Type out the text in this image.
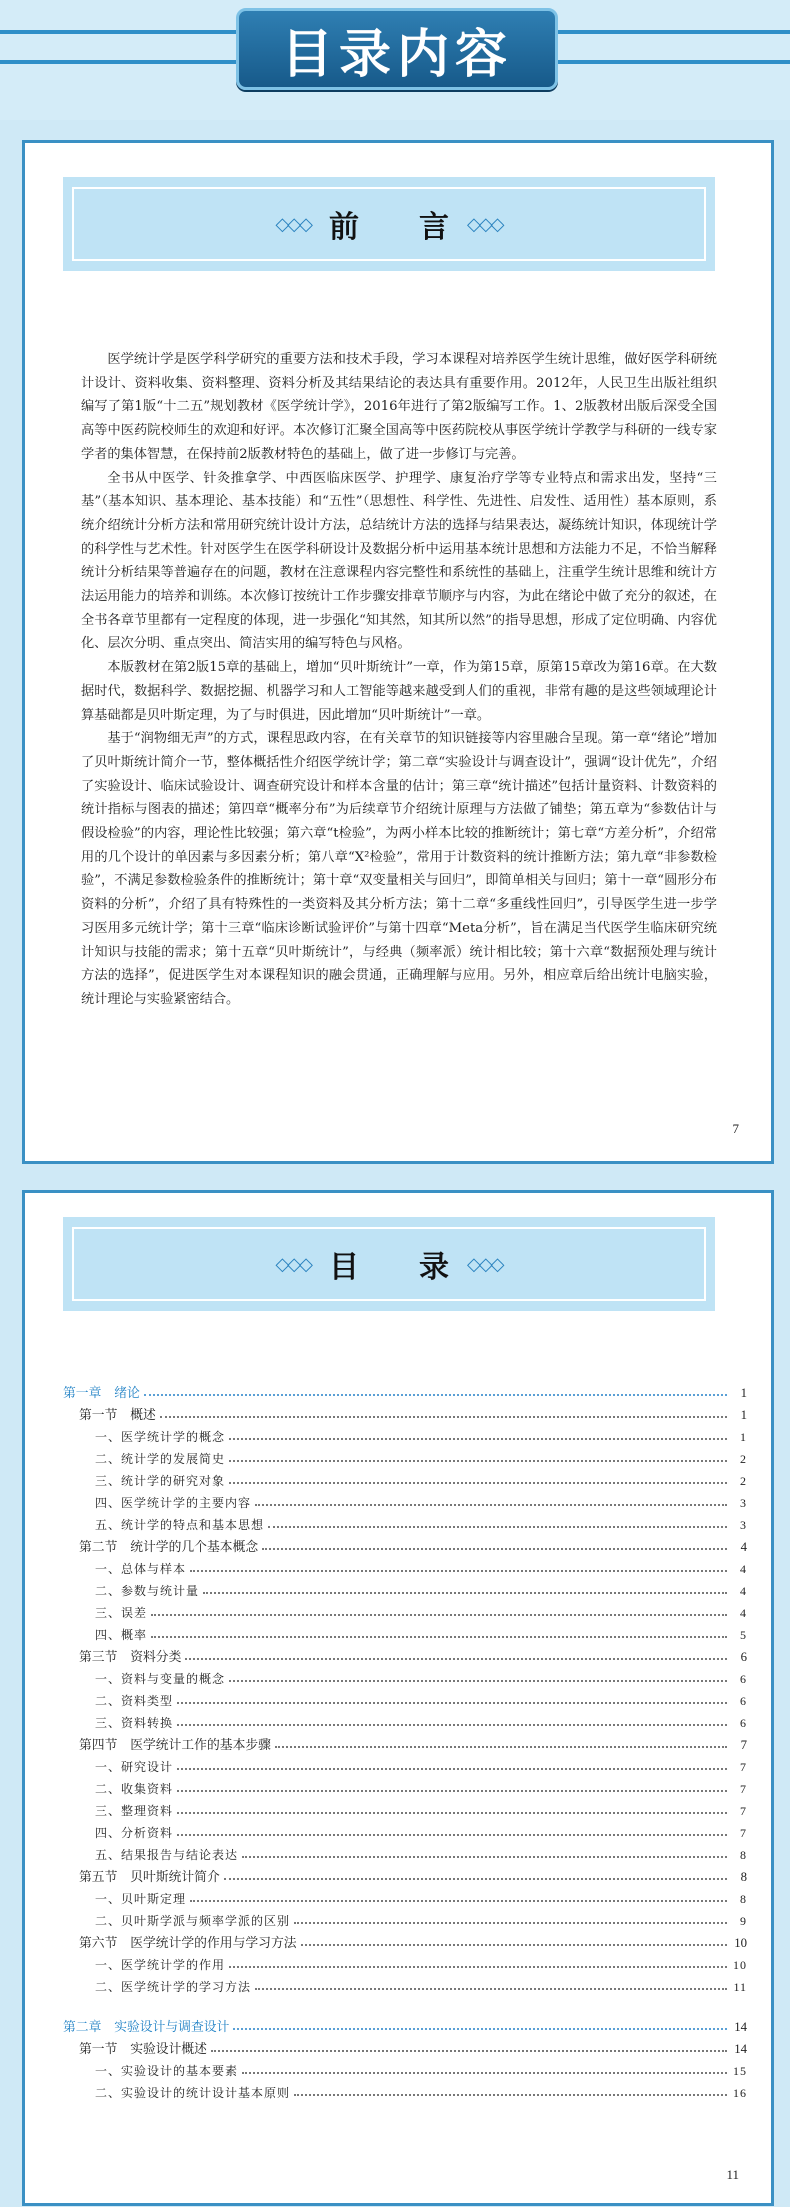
目录内容
◇◇◇ 前　　言 ◇◇◇

医学统计学是医学科学研究的重要方法和技术手段，学习本课程对培养医学生统计思维，做好医学科研统计设计、资料收集、资料整理、资料分析及其结果结论的表达具有重要作用。2012年，人民卫生出版社组织编写了第1版“十二五”规划教材《医学统计学》，2016年进行了第2版编写工作。1、2版教材出版后深受全国高等中医药院校师生的欢迎和好评。本次修订汇聚全国高等中医药院校从事医学统计学教学与科研的一线专家学者的集体智慧，在保持前2版教材特色的基础上，做了进一步修订与完善。

全书从中医学、针灸推拿学、中西医临床医学、护理学、康复治疗学等专业特点和需求出发，坚持“三基”（基本知识、基本理论、基本技能）和“五性”（思想性、科学性、先进性、启发性、适用性）基本原则，系统介绍统计分析方法和常用研究统计设计方法，总结统计方法的选择与结果表达，凝练统计知识，体现统计学的科学性与艺术性。针对医学生在医学科研设计及数据分析中运用基本统计思想和方法能力不足，不恰当解释统计分析结果等普遍存在的问题，教材在注意课程内容完整性和系统性的基础上，注重学生统计思维和统计方法运用能力的培养和训练。本次修订按统计工作步骤安排章节顺序与内容，为此在绪论中做了充分的叙述，在全书各章节里都有一定程度的体现，进一步强化“知其然，知其所以然”的指导思想，形成了定位明确、内容优化、层次分明、重点突出、简洁实用的编写特色与风格。

本版教材在第2版15章的基础上，增加“贝叶斯统计”一章，作为第15章，原第15章改为第16章。在大数据时代，数据科学、数据挖掘、机器学习和人工智能等越来越受到人们的重视，非常有趣的是这些领域理论计算基础都是贝叶斯定理，为了与时俱进，因此增加“贝叶斯统计”一章。

基于“润物细无声”的方式，课程思政内容，在有关章节的知识链接等内容里融合呈现。第一章“绪论”增加了贝叶斯统计简介一节，整体概括性介绍医学统计学；第二章“实验设计与调查设计”，强调“设计优先”，介绍了实验设计、临床试验设计、调查研究设计和样本含量的估计；第三章“统计描述”包括计量资料、计数资料的统计指标与图表的描述；第四章“概率分布”为后续章节介绍统计原理与方法做了铺垫；第五章为“参数估计与假设检验”的内容，理论性比较强；第六章“t检验”，为两小样本比较的推断统计；第七章“方差分析”，介绍常用的几个设计的单因素与多因素分析；第八章“X²检验”，常用于计数资料的统计推断方法；第九章“非参数检验”，不满足参数检验条件的推断统计；第十章“双变量相关与回归”，即简单相关与回归；第十一章“圆形分布资料的分析”，介绍了具有特殊性的一类资料及其分析方法；第十二章“多重线性回归”，引导医学生进一步学习医用多元统计学；第十三章“临床诊断试验评价”与第十四章“Meta分析”，旨在满足当代医学生临床研究统计知识与技能的需求；第十五章“贝叶斯统计”，与经典（频率派）统计相比较；第十六章“数据预处理与统计方法的选择”，促进医学生对本课程知识的融会贯通，正确理解与应用。另外，相应章后给出统计电脑实验，统计理论与实验紧密结合。

7
◇◇◇ 目　　录 ◇◇◇
第一章　绪论	1
第一节　概述	1
一、医学统计学的概念	1
二、统计学的发展简史	2
三、统计学的研究对象	2
四、医学统计学的主要内容	3
五、统计学的特点和基本思想	3
第二节　统计学的几个基本概念	4
一、总体与样本	4
二、参数与统计量	4
三、误差	4
四、概率	5
第三节　资料分类	6
一、资料与变量的概念	6
二、资料类型	6
三、资料转换	6
第四节　医学统计工作的基本步骤	7
一、研究设计	7
二、收集资料	7
三、整理资料	7
四、分析资料	7
五、结果报告与结论表达	8
第五节　贝叶斯统计简介	8
一、贝叶斯定理	8
二、贝叶斯学派与频率学派的区别	9
第六节　医学统计学的作用与学习方法	10
一、医学统计学的作用	10
二、医学统计学的学习方法	11
第二章　实验设计与调查设计	14
第一节　实验设计概述	14
一、实验设计的基本要素	15
二、实验设计的统计设计基本原则	16
11
